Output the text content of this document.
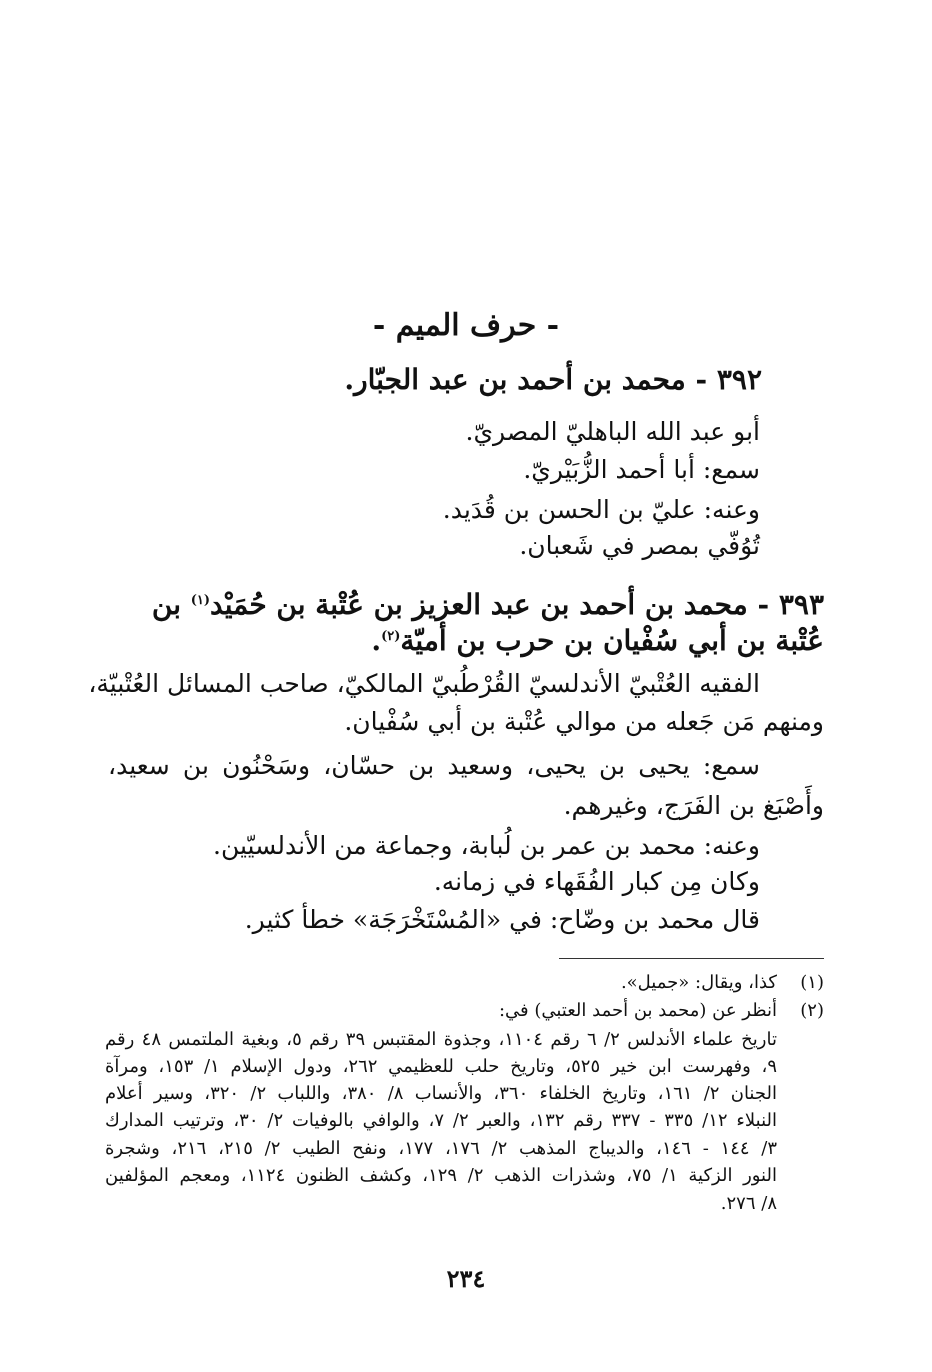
- حرف الميم -
٣٩٢ - محمد بن أحمد بن عبد الجبّار.
أبو عبد الله الباهليّ المصريّ.
سمع: أبا أحمد الزُّبَيْريّ.
وعنه: عليّ بن الحسن بن قُدَيد.
تُوُفّي بمصر في شَعبان.
٣٩٣ - محمد بن أحمد بن عبد العزيز بن عُتْبة بن حُمَيْد$^{(١)}$ بن
عُتْبة بن أبي سُفْيان بن حرب بن أميّة$^{(٢)}$.
الفقيه العُتْبيّ الأندلسيّ القُرْطُبيّ المالكيّ، صاحب المسائل العُتْبيّة،
ومنهم مَن جَعله من موالي عُتْبة بن أبي سُفْيان.
سمع: يحيى بن يحيى، وسعيد بن حسّان، وسَحْنُون بن سعيد،
وأَصْبَغ بن الفَرَج، وغيرهم.
وعنه: محمد بن عمر بن لُبابة، وجماعة من الأندلسيّين.
وكان مِن كبار الفُقَهاء في زمانه.
قال محمد بن وضّاح: في «المُسْتَخْرَجَة» خطأ كثير.
(١)
كذا، ويقال: «جميل».
(٢)
أنظر عن (محمد بن أحمد العتبي) في:
تاريخ علماء الأندلس ٢/ ٦ رقم ١١٠٤، وجذوة المقتبس ٣٩ رقم ٥، وبغية الملتمس ٤٨ رقم
٩، وفهرست ابن خير ٥٢٥، وتاريخ حلب للعظيمي ٢٦٢، ودول الإسلام ١/ ١٥٣، ومرآة
الجنان ٢/ ١٦١، وتاريخ الخلفاء ٣٦٠، والأنساب ٨/ ٣٨٠، واللباب ٢/ ٣٢٠، وسير أعلام
النبلاء ١٢/ ٣٣٥ - ٣٣٧ رقم ١٣٢، والعبر ٢/ ٧، والوافي بالوفيات ٢/ ٣٠، وترتيب المدارك
٣/ ١٤٤ - ١٤٦، والديباج المذهب ٢/ ١٧٦، ١٧٧، ونفح الطيب ٢/ ٢١٥، ٢١٦، وشجرة
النور الزكية ١/ ٧٥، وشذرات الذهب ٢/ ١٢٩، وكشف الظنون ١١٢٤، ومعجم المؤلفين
٨/ ٢٧٦.
٢٣٤
